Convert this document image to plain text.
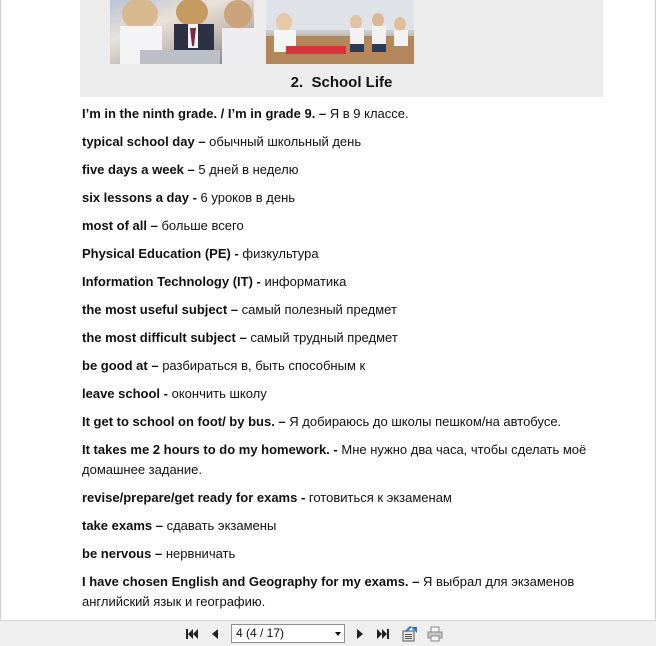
2. School Life
I’m in the ninth grade. / I’m in grade 9. – Я в 9 классе.
typical school day – обычный школьный день
five days a week – 5 дней в неделю
six lessons a day - 6 уроков в день
most of all – больше всего
Physical Education (PE) - физкультура
Information Technology (IT) - информатика
the most useful subject – самый полезный предмет
the most difficult subject – самый трудный предмет
be good at – разбираться в, быть способным к
leave school - окончить школу
It get to school on foot/ by bus. – Я добираюсь до школы пешком/на автобусе.
It takes me 2 hours to do my homework. - Мне нужно два часа, чтобы сделать моё домашнее задание.
revise/prepare/get ready for exams - готовиться к экзаменам
take exams – сдавать экзамены
be nervous – нервничать
I have chosen English and Geography for my exams. – Я выбрал для экзаменов английский язык и географию.
4 (4 / 17)
